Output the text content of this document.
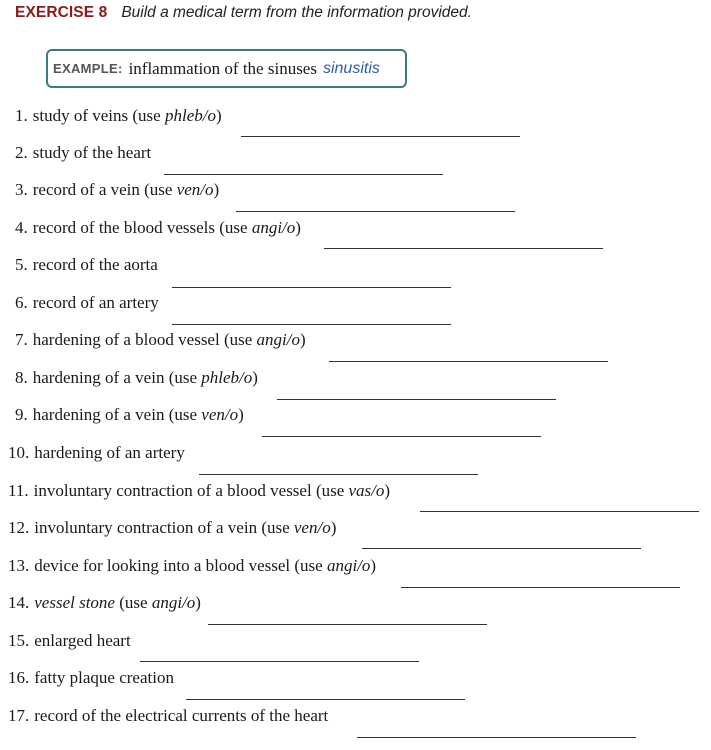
EXERCISE 8 Build a medical term from the information provided.
EXAMPLE: inflammation of the sinuses sinusitis
1. study of veins (use phleb/o)
2. study of the heart
3. record of a vein (use ven/o)
4. record of the blood vessels (use angi/o)
5. record of the aorta
6. record of an artery
7. hardening of a blood vessel (use angi/o)
8. hardening of a vein (use phleb/o)
9. hardening of a vein (use ven/o)
10. hardening of an artery
11. involuntary contraction of a blood vessel (use vas/o)
12. involuntary contraction of a vein (use ven/o)
13. device for looking into a blood vessel (use angi/o)
14. vessel stone (use angi/o)
15. enlarged heart
16. fatty plaque creation
17. record of the electrical currents of the heart
